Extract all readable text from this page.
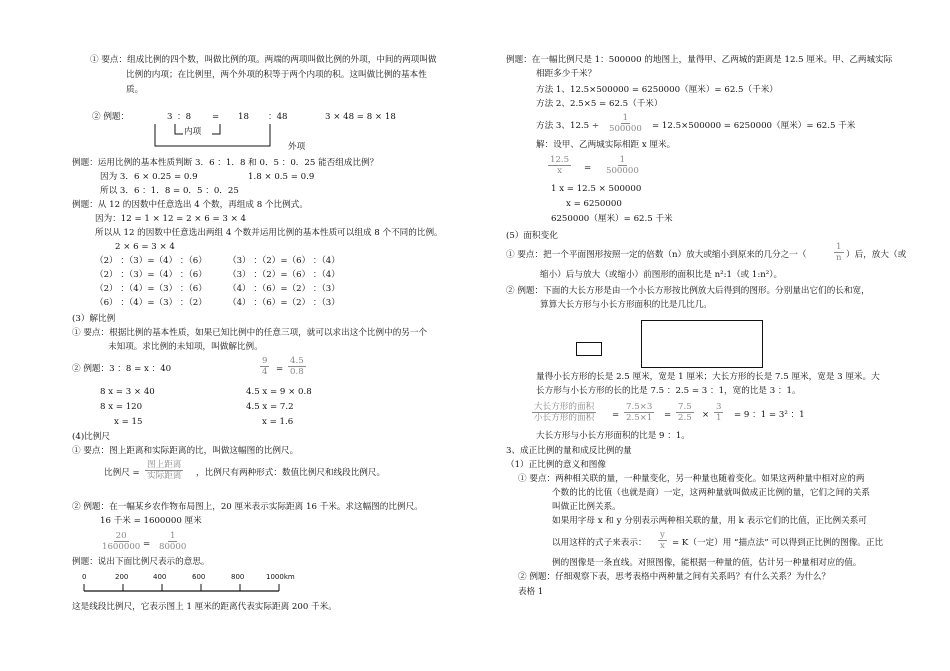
① 要点：组成比例的四个数，叫做比例的项。两端的两项叫做比例的外项，中间的两项叫做
比例的内项；在比例里，两个外项的积等于两个内项的积。这叫做比例的基本性
质。
② 例题：	3 ：8 = 18 ：48	3 × 48 = 8 × 18
内项
外项
例题：运用比例的基本性质判断 3．6 ：1．8 和 0．5 ：0．25 能否组成比例？
因为 3．6 × 0.25 = 0.9	1.8 × 0.5 = 0.9
所以 3．6 ：1．8 = 0．5 ：0．25
例题：从 12 的因数中任意选出 4 个数，再组成 8 个比例式。
因为：12 = 1 × 12 = 2 × 6 = 3 × 4
所以从 12 的因数中任意选出两组 4 个数并运用比例的基本性质可以组成 8 个不同的比例。
2 × 6 = 3 × 4
（2） ：（3）=（4） ：（6） （3） ：（2）=（6） ：（4）
（2） ：（3）=（4） ：（6） （3） ：（2）=（6） ：（4）
（2） ：（4）=（3） ：（6） （4） ：（6）=（2） ：（3）
（6） ：（4）=（3） ：（2） （4） ：（6）=（2） ：（3）
(3）解比例
① 要点：根据比例的基本性质，如果已知比例中的任意三项，就可以求出这个比例中的另一个
未知项。求比例的未知项，叫做解比例。
② 例题：3 ：8 = x ：40	$\frac{9}{4} = \frac{4.5}{0.8}$
8 x = 3 × 40
8 x = 120
x = 15
4.5 x = 9 × 0.8
4.5 x = 7.2
x = 1.6
(4)比例尺
① 要点：图上距离和实际距离的比，叫做这幅图的比例尺。
比例尺 =
图上距离
实际距离 ，比例尺有两种形式：数值比例尺和线段比例尺。
② 例题：在一幅某乡农作物布局图上，20 厘米表示实际距离 16 千米。求这幅图的比例尺。
16 千米 = 1600000 厘米
$\frac{20}{1600000} = \frac{1}{80000}$
例题：说出下面比例尺表示的意思。
0	200	400	600	800	1000km
这是线段比例尺，它表示图上 1 厘米的距离代表实际距离 200 千米。
例题：在一幅比例尺是 1：500000 的地图上，量得甲、乙两城的距离是 12.5 厘米。甲、乙两城实际
相距多少千米？
方法 1、12.5×500000 = 6250000（厘米）= 62.5（千米）
方法 2、2.5×5 = 62.5（千米）
方法 3、$12.5 \div \frac{1}{500000} = 12.5\times 500000 = 6250000$（厘米）= 62.5 千米
解：设甲、乙两城实际相距 x 厘米。
$\frac{12.5}{x} = \frac{1}{500000}$
1 x = 12.5 × 500000
x = 6250000
6250000（厘米）= 62.5 千米
(5）面积变化
① 要点：把一个平面图形按照一定的倍数（n）放大或缩小到原来的几分之一（	$\frac{1}{n}$ ）后，放大（或
缩小）后与放大（或缩小）前图形的面积比是 n²:1（或 1:n²）。
② 例题：下面的大长方形是由一个小长方形按比例放大后得到的图形。分别量出它们的长和宽，
算算大长方形与小长方形面积的比是几比几。
量得小长方形的长是 2.5 厘米，宽是 1 厘米；大长方形的长是 7.5 厘米，宽是 3 厘米。大
长方形与小长方形的长的比是 7.5 ：2.5 = 3 ：1，宽的比是 3 ：1。
大长方形的面积
小长方形的面积 = $\frac{7.5\times 3}{2.5\times 1} = \frac{7.5}{2.5} \times \frac{3}{1} = 9$ ：1 = 3² ：1
大长方形与小长方形面积的比是 9 ：1。
3、成正比例的量和成反比例的量
（1）正比例的意义和图像
① 要点：两种相关联的量，一种量变化，另一种量也随着变化。如果这两种量中相对应的两
个数的比的比值（也就是商）一定，这两种量就叫做成正比例的量，它们之间的关系
叫做正比例关系。
如果用字母 x 和 y 分别表示两种相关联的量，用 k 表示它们的比值，正比例关系可
以用这样的式子来表示： $\frac{y}{x} = K$（一定）用 “描点法” 可以得到正比例的图像。正比
例的图像是一条直线。对照图像，能根据一种量的值，估计另一种量相对应的值。
② 例题：仔细观察下表，思考表格中两种量之间有关系吗？有什么关系？为什么？
表格 1
